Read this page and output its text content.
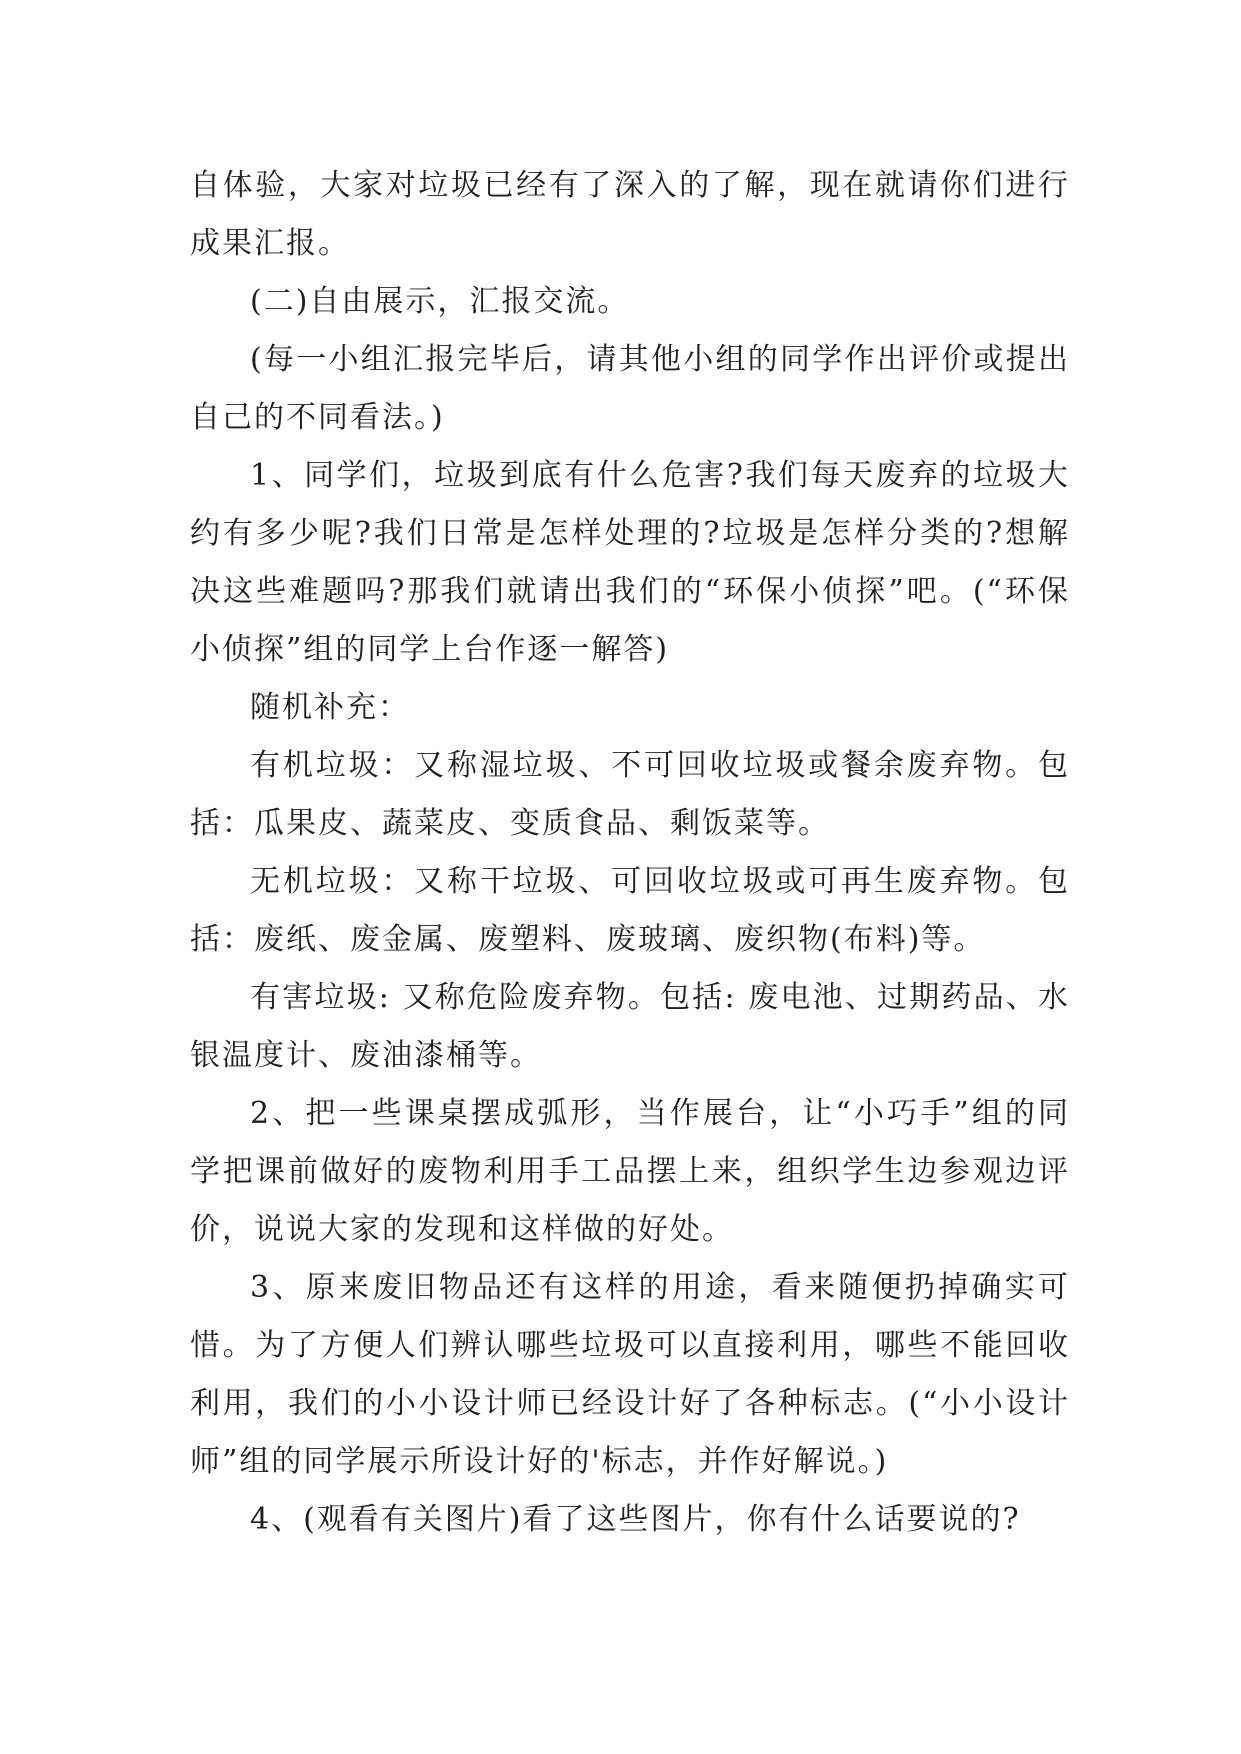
自体验，大家对垃圾已经有了深入的了解，现在就请你们进行成果汇报。

(二)自由展示，汇报交流。

(每一小组汇报完毕后，请其他小组的同学作出评价或提出自己的不同看法。)

1、同学们，垃圾到底有什么危害?我们每天废弃的垃圾大约有多少呢?我们日常是怎样处理的?垃圾是怎样分类的?想解决这些难题吗?那我们就请出我们的“环保小侦探”吧。(“环保小侦探”组的同学上台作逐一解答)

随机补充：

有机垃圾：又称湿垃圾、不可回收垃圾或餐余废弃物。包括：瓜果皮、蔬菜皮、变质食品、剩饭菜等。

无机垃圾：又称干垃圾、可回收垃圾或可再生废弃物。包括：废纸、废金属、废塑料、废玻璃、废织物(布料)等。

有害垃圾: 又称危险废弃物。包括: 废电池、过期药品、水银温度计、废油漆桶等。

2、把一些课桌摆成弧形，当作展台，让“小巧手”组的同学把课前做好的废物利用手工品摆上来，组织学生边参观边评价，说说大家的发现和这样做的好处。

3、原来废旧物品还有这样的用途，看来随便扔掉确实可惜。为了方便人们辨认哪些垃圾可以直接利用，哪些不能回收利用，我们的小小设计师已经设计好了各种标志。(“小小设计师”组的同学展示所设计好的'标志，并作好解说。)

4、(观看有关图片)看了这些图片，你有什么话要说的?
